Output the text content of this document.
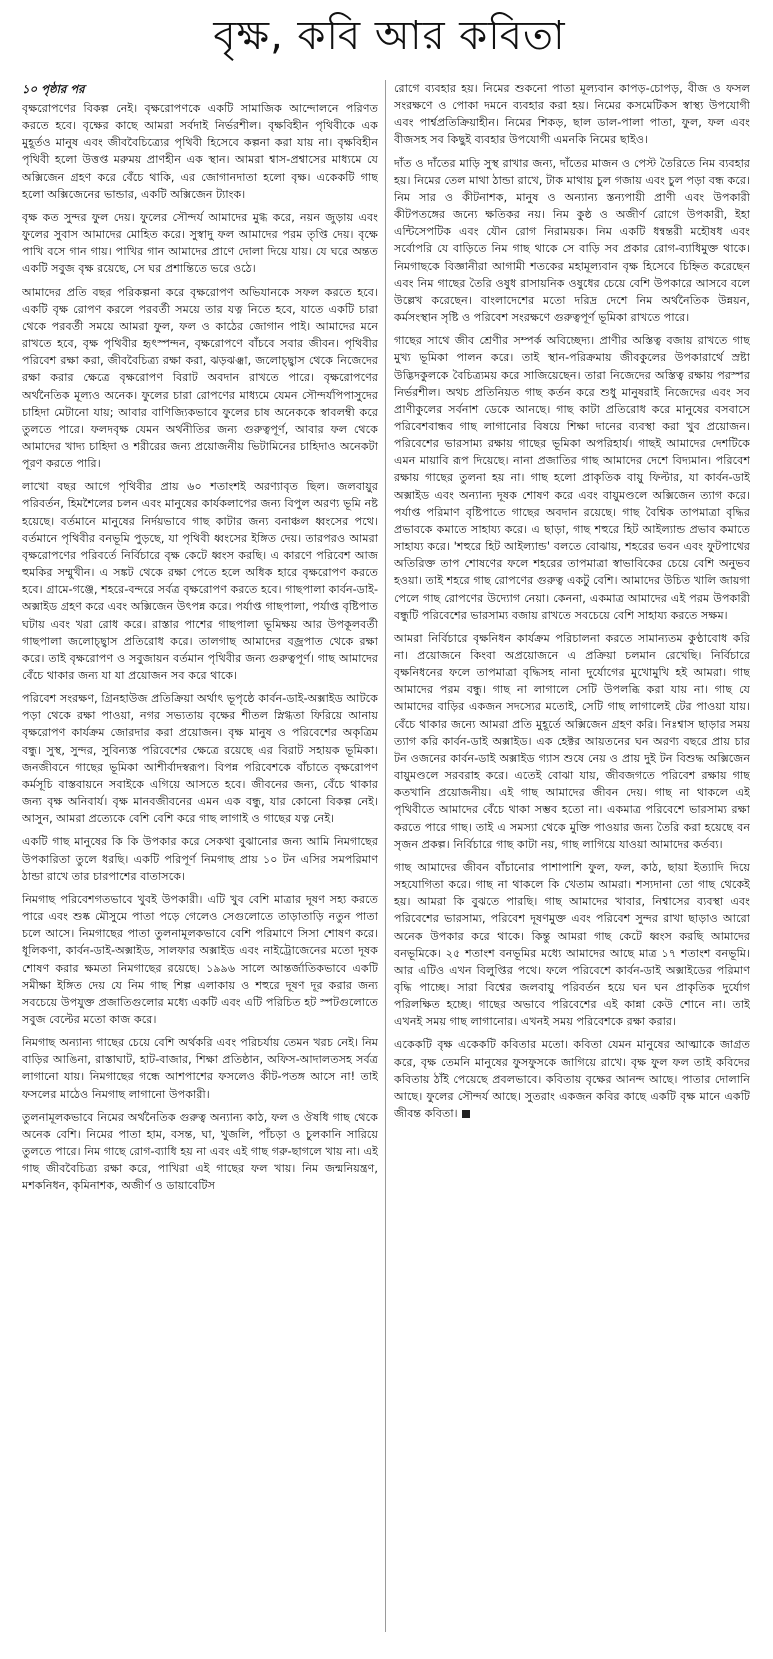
বৃক্ষ, কবি আর কবিতা
১০ পৃষ্ঠার পর

বৃক্ষরোপণের বিকল্প নেই। বৃক্ষরোপণকে একটি সামাজিক আন্দোলনে পরিণত করতে হবে। বৃক্ষের কাছে আমরা সর্বদাই নির্ভরশীল। বৃক্ষবিহীন পৃথিবীকে এক মুহূর্তও মানুষ এবং জীববৈচিত্র্যের পৃথিবী হিসেবে কল্পনা করা যায় না। বৃক্ষবিহীন পৃথিবী হলো উত্তপ্ত মরুময় প্রাণহীন এক স্থান। আমরা শ্বাস-প্রশ্বাসের মাধ্যমে যে অক্সিজেন গ্রহণ করে বেঁচে থাকি, এর জোগানদাতা হলো বৃক্ষ। একেকটি গাছ হলো অক্সিজেনের ভান্ডার, একটি অক্সিজেন ট্যাংক।

বৃক্ষ কত সুন্দর ফুল দেয়। ফুলের সৌন্দর্য আমাদের মুগ্ধ করে, নয়ন জুড়ায় এবং ফুলের সুবাস আমাদের মোহিত করে। সুস্বাদু ফল আমাদের পরম তৃপ্তি দেয়। বৃক্ষে পাখি বসে গান গায়। পাখির গান আমাদের প্রাণে দোলা দিয়ে যায়। যে ঘরে অন্তত একটি সবুজ বৃক্ষ রয়েছে, সে ঘর প্রশান্তিতে ভরে ওঠে।

আমাদের প্রতি বছর পরিকল্পনা করে বৃক্ষরোপণ অভিযানকে সফল করতে হবে। একটি বৃক্ষ রোপণ করলে পরবর্তী সময়ে তার যত্ন নিতে হবে, যাতে একটি চারা থেকে পরবর্তী সময়ে আমরা ফুল, ফল ও কাঠের জোগান পাই। আমাদের মনে রাখতে হবে, বৃক্ষ পৃথিবীর হৃৎস্পন্দন, বৃক্ষরোপণে বাঁচবে সবার জীবন। পৃথিবীর পরিবেশ রক্ষা করা, জীববৈচিত্র্য রক্ষা করা, ঝড়ঝঞ্ঝা, জলোচ্ছ্বাস থেকে নিজেদের রক্ষা করার ক্ষেত্রে বৃক্ষরোপণ বিরাট অবদান রাখতে পারে। বৃক্ষরোপণের অর্থনৈতিক মূল্যও অনেক। ফুলের চারা রোপণের মাধ্যমে যেমন সৌন্দর্যপিপাসুদের চাহিদা মেটানো যায়; আবার বাণিজ্যিকভাবে ফুলের চাষ অনেককে স্বাবলম্বী করে তুলতে পারে। ফলদবৃক্ষ যেমন অর্থনীতির জন্য গুরুত্বপূর্ণ, আবার ফল থেকে আমাদের খাদ্য চাহিদা ও শরীরের জন্য প্রয়োজনীয় ভিটামিনের চাহিদাও অনেকটা পূরণ করতে পারি।

লাখো বছর আগে পৃথিবীর প্রায় ৬০ শতাংশই অরণ্যাবৃত ছিল। জলবায়ুর পরিবর্তন, হিমশৈলের চলন এবং মানুষের কার্যকলাপের জন্য বিপুল অরণ্য ভূমি নষ্ট হয়েছে। বর্তমানে মানুষের নির্দয়ভাবে গাছ কাটার জন্য বনাঞ্চল ধ্বংসের পথে। বর্তমানে পৃথিবীর বনভূমি পুড়ছে, যা পৃথিবী ধ্বংসের ইঙ্গিত দেয়। তারপরও আমরা বৃক্ষরোপণের পরিবর্তে নির্বিচারে বৃক্ষ কেটে ধ্বংস করছি। এ কারণে পরিবেশ আজ হুমকির সম্মুখীন। এ সঙ্কট থেকে রক্ষা পেতে হলে অধিক হারে বৃক্ষরোপণ করতে হবে। গ্রামে-গঞ্জে, শহরে-বন্দরে সর্বত্র বৃক্ষরোপণ করতে হবে। গাছপালা কার্বন-ডাই-অক্সাইড গ্রহণ করে এবং অক্সিজেন উৎপন্ন করে। পর্যাপ্ত গাছপালা, পর্যাপ্ত বৃষ্টিপাত ঘটায় এবং খরা রোধ করে। রাস্তার পাশের গাছপালা ভূমিক্ষয় আর উপকূলবর্তী গাছপালা জলোচ্ছ্বাস প্রতিরোধ করে। তালগাছ আমাদের বজ্রপাত থেকে রক্ষা করে। তাই বৃক্ষরোপণ ও সবুজায়ন বর্তমান পৃথিবীর জন্য গুরুত্বপূর্ণ। গাছ আমাদের বেঁচে থাকার জন্য যা যা প্রয়োজন সব করে থাকে।

পরিবেশ সংরক্ষণ, গ্রিনহাউজ প্রতিক্রিয়া অর্থাৎ ভূপৃষ্ঠে কার্বন-ডাই-অক্সাইড আটকে পড়া থেকে রক্ষা পাওয়া, নগর সভ্যতায় বৃক্ষের শীতল স্নিগ্ধতা ফিরিয়ে আনায় বৃক্ষরোপণ কার্যক্রম জোরদার করা প্রয়োজন। বৃক্ষ মানুষ ও পরিবেশের অকৃত্রিম বন্ধু। সুস্থ, সুন্দর, সুবিন্যস্ত পরিবেশের ক্ষেত্রে রয়েছে এর বিরাট সহায়ক ভূমিকা। জনজীবনে গাছের ভূমিকা আশীর্বাদস্বরূপ। বিপন্ন পরিবেশকে বাঁচাতে বৃক্ষরোপণ কর্মসূচি বাস্তবায়নে সবাইকে এগিয়ে আসতে হবে। জীবনের জন্য, বেঁচে থাকার জন্য বৃক্ষ অনিবার্য। বৃক্ষ মানবজীবনের এমন এক বন্ধু, যার কোনো বিকল্প নেই। আসুন, আমরা প্রত্যেকে বেশি বেশি করে গাছ লাগাই ও গাছের যত্ন নেই।

একটি গাছ মানুষের কি কি উপকার করে সেকথা বুঝানোর জন্য আমি নিমগাছের উপকারিতা তুলে ধরছি। একটি পরিপূর্ণ নিমগাছ প্রায় ১০ টন এসির সমপরিমাণ ঠান্ডা রাখে তার চারপাশের বাতাসকে।

নিমগাছ পরিবেশগতভাবে খুবই উপকারী। এটি খুব বেশি মাত্রার দূষণ সহ্য করতে পারে এবং শুষ্ক মৌসুমে পাতা পড়ে গেলেও সেগুলোতে তাড়াতাড়ি নতুন পাতা চলে আসে। নিমগাছের পাতা তুলনামূলকভাবে বেশি পরিমাণে সিসা শোষণ করে। ধূলিকণা, কার্বন-ডাই-অক্সাইড, সালফার অক্সাইড এবং নাইট্রোজেনের মতো দূষক শোষণ করার ক্ষমতা নিমগাছের রয়েছে। ১৯৯৬ সালে আন্তর্জাতিকভাবে একটি সমীক্ষা ইঙ্গিত দেয় যে নিম গাছ শিল্প এলাকায় ও শহুরে দূষণ দূর করার জন্য সবচেয়ে উপযুক্ত প্রজাতিগুলোর মধ্যে একটি এবং এটি পরিচিত হট স্পটগুলোতে সবুজ বেল্টের মতো কাজ করে।

নিমগাছ অন্যান্য গাছের চেয়ে বেশি অর্থকরি এবং পরিচর্যায় তেমন খরচ নেই। নিম বাড়ির আঙিনা, রাস্তাঘাট, হাট-বাজার, শিক্ষা প্রতিষ্ঠান, অফিস-আদালতসহ সর্বত্র লাগানো যায়। নিমগাছের গন্ধে আশপাশের ফসলেও কীট-পতঙ্গ আসে না! তাই ফসলের মাঠেও নিমগাছ লাগানো উপকারী।

তুলনামূলকভাবে নিমের অর্থনৈতিক গুরুত্ব অন্যান্য কাঠ, ফল ও ঔষধি গাছ থেকে অনেক বেশি। নিমের পাতা হাম, বসন্ত, ঘা, খুজলি, পাঁচড়া ও চুলকানি সারিয়ে তুলতে পারে। নিম গাছে রোগ-ব্যাধি হয় না এবং এই গাছ গরু-ছাগলে খায় না। এই গাছ জীববৈচিত্র্য রক্ষা করে, পাখিরা এই গাছের ফল খায়। নিম জন্মনিয়ন্ত্রণ, মশকনিধন, কৃমিনাশক, অজীর্ণ ও ডায়াবেটিস

রোগে ব্যবহার হয়। নিমের শুকনো পাতা মূল্যবান কাপড়-চোপড়, বীজ ও ফসল সংরক্ষণে ও পোকা দমনে ব্যবহার করা হয়। নিমের কসমেটিকস স্বাস্থ্য উপযোগী এবং পার্শ্বপ্রতিক্রিয়াহীন। নিমের শিকড়, ছাল ডাল-পালা পাতা, ফুল, ফল এবং বীজসহ সব কিছুই ব্যবহার উপযোগী এমনকি নিমের ছাইও।

দাঁত ও দাঁতের মাড়ি সুস্থ রাখার জন্য, দাঁতের মাজন ও পেস্ট তৈরিতে নিম ব্যবহার হয়। নিমের তেল মাথা ঠান্ডা রাখে, টাক মাথায় চুল গজায় এবং চুল পড়া বন্ধ করে। নিম সার ও কীটনাশক, মানুষ ও অন্যান্য স্তন্যপায়ী প্রাণী এবং উপকারী কীটপতঙ্গের জন্যে ক্ষতিকর নয়। নিম কুষ্ঠ ও অজীর্ণ রোগে উপকারী, ইহা এন্টিসেপটিক এবং যৌন রোগ নিরাময়ক। নিম একটি ধন্বন্তরী মহৌষধ এবং সর্বোপরি যে বাড়িতে নিম গাছ থাকে সে বাড়ি সব প্রকার রোগ-ব্যাধিমুক্ত থাকে। নিমগাছকে বিজ্ঞানীরা আগামী শতকের মহামূল্যবান বৃক্ষ হিসেবে চিহ্নিত করেছেন এবং নিম গাছের তৈরি ওষুধ রাসায়নিক ওষুধের চেয়ে বেশি উপকারে আসবে বলে উল্লেখ করেছেন। বাংলাদেশের মতো দরিদ্র দেশে নিম অর্থনৈতিক উন্নয়ন, কর্মসংস্থান সৃষ্টি ও পরিবেশ সংরক্ষণে গুরুত্বপূর্ণ ভূমিকা রাখতে পারে।

গাছের সাথে জীব শ্রেণীর সম্পর্ক অবিচ্ছেদ্য। প্রাণীর অস্তিত্ব বজায় রাখতে গাছ মুখ্য ভূমিকা পালন করে। তাই স্থান-পরিক্রমায় জীবকুলের উপকারার্থে স্রষ্টা উদ্ভিদকুলকে বৈচিত্র্যময় করে সাজিয়েছেন। তারা নিজেদের অস্তিত্ব রক্ষায় পরস্পর নির্ভরশীল। অথচ প্রতিনিয়ত গাছ কর্তন করে শুধু মানুষরাই নিজেদের এবং সব প্রাণীকুলের সর্বনাশ ডেকে আনছে। গাছ কাটা প্রতিরোধ করে মানুষের বসবাসে পরিবেশবান্ধব গাছ লাগানোর বিষয়ে শিক্ষা দানের ব্যবস্থা করা খুব প্রয়োজন। পরিবেশের ভারসাম্য রক্ষায় গাছের ভূমিকা অপরিহার্য। গাছই আমাদের দেশটিকে এমন মায়াবি রূপ দিয়েছে। নানা প্রজাতির গাছ আমাদের দেশে বিদ্যমান। পরিবেশ রক্ষায় গাছের তুলনা হয় না। গাছ হলো প্রাকৃতিক বায়ু ফিল্টার, যা কার্বন-ডাই অক্সাইড এবং অন্যান্য দূষক শোষণ করে এবং বায়ুমণ্ডলে অক্সিজেন ত্যাগ করে। পর্যাপ্ত পরিমাণ বৃষ্টিপাতে গাছের অবদান রয়েছে। গাছ বৈশ্বিক তাপমাত্রা বৃদ্ধির প্রভাবকে কমাতে সাহায্য করে। এ ছাড়া, গাছ শহুরে হিট আইল্যান্ড প্রভাব কমাতে সাহায্য করে। 'শহুরে হিট আইল্যান্ড' বলতে বোঝায়, শহরের ভবন এবং ফুটপাথের অতিরিক্ত তাপ শোষণের ফলে শহরের তাপমাত্রা স্বাভাবিকের চেয়ে বেশি অনুভব হওয়া। তাই শহরে গাছ রোপণের গুরুত্ব একটু বেশি। আমাদের উচিত খালি জায়গা পেলে গাছ রোপণের উদ্যোগ নেয়া। কেননা, একমাত্র আমাদের এই পরম উপকারী বন্ধুটি পরিবেশের ভারসাম্য বজায় রাখতে সবচেয়ে বেশি সাহায্য করতে সক্ষম।

আমরা নির্বিচারে বৃক্ষনিধন কার্যক্রম পরিচালনা করতে সামান্যতম কুণ্ঠাবোধ করি না। প্রয়োজনে কিংবা অপ্রয়োজনে এ প্রক্রিয়া চলমান রেখেছি। নির্বিচারে বৃক্ষনিধনের ফলে তাপমাত্রা বৃদ্ধিসহ নানা দুর্যোগের মুখোমুখি হই আমরা। গাছ আমাদের পরম বন্ধু। গাছ না লাগালে সেটি উপলব্ধি করা যায় না। গাছ যে আমাদের বাড়ির একজন সদস্যের মতোই, সেটি গাছ লাগালেই টের পাওয়া যায়। বেঁচে থাকার জন্যে আমরা প্রতি মুহূর্তে অক্সিজেন গ্রহণ করি। নিঃশ্বাস ছাড়ার সময় ত্যাগ করি কার্বন-ডাই অক্সাইড। এক হেক্টর আয়তনের ঘন অরণ্য বছরে প্রায় চার টন ওজনের কার্বন-ডাই অক্সাইড গ্যাস শুষে নেয় ও প্রায় দুই টন বিশুদ্ধ অক্সিজেন বায়ুমণ্ডলে সরবরাহ করে। এতেই বোঝা যায়, জীবজগতে পরিবেশ রক্ষায় গাছ কতখানি প্রয়োজনীয়। এই গাছ আমাদের জীবন দেয়। গাছ না থাকলে এই পৃথিবীতে আমাদের বেঁচে থাকা সম্ভব হতো না। একমাত্র পরিবেশে ভারসাম্য রক্ষা করতে পারে গাছ। তাই এ সমস্যা থেকে মুক্তি পাওয়ার জন্য তৈরি করা হয়েছে বন সৃজন প্রকল্প। নির্বিচারে গাছ কাটা নয়, গাছ লাগিয়ে যাওয়া আমাদের কর্তব্য।

গাছ আমাদের জীবন বাঁচানোর পাশাপাশি ফুল, ফল, কাঠ, ছায়া ইত্যাদি দিয়ে সহযোগিতা করে। গাছ না থাকলে কি খেতাম আমরা। শস্যদানা তো গাছ থেকেই হয়। আমরা কি বুঝতে পারছি। গাছ আমাদের খাবার, নিশ্বাসের ব্যবস্থা এবং পরিবেশের ভারসাম্য, পরিবেশ দূষণমুক্ত এবং পরিবেশ সুন্দর রাখা ছাড়াও আরো অনেক উপকার করে থাকে। কিন্তু আমরা গাছ কেটে ধ্বংস করছি আমাদের বনভূমিকে। ২৫ শতাংশ বনভূমির মধ্যে আমাদের আছে মাত্র ১৭ শতাংশ বনভূমি। আর এটিও এখন বিলুপ্তির পথে। ফলে পরিবেশে কার্বন-ডাই অক্সাইডের পরিমাণ বৃদ্ধি পাচ্ছে। সারা বিশ্বের জলবায়ু পরিবর্তন হয়ে ঘন ঘন প্রাকৃতিক দুর্যোগ পরিলক্ষিত হচ্ছে। গাছের অভাবে পরিবেশের এই কান্না কেউ শোনে না। তাই এখনই সময় গাছ লাগানোর। এখনই সময় পরিবেশকে রক্ষা করার।

একেকটি বৃক্ষ একেকটি কবিতার মতো। কবিতা যেমন মানুষের আত্মাকে জাগ্রত করে, বৃক্ষ তেমনি মানুষের ফুসফুসকে জাগিয়ে রাখে। বৃক্ষ ফুল ফল তাই কবিদের কবিতায় ঠাঁই পেয়েছে প্রবলভাবে। কবিতায় বৃক্ষের আনন্দ আছে। পাতার দোলানি আছে। ফুলের সৌন্দর্য আছে। সুতরাং একজন কবির কাছে একটি বৃক্ষ মানে একটি জীবন্ত কবিতা।
